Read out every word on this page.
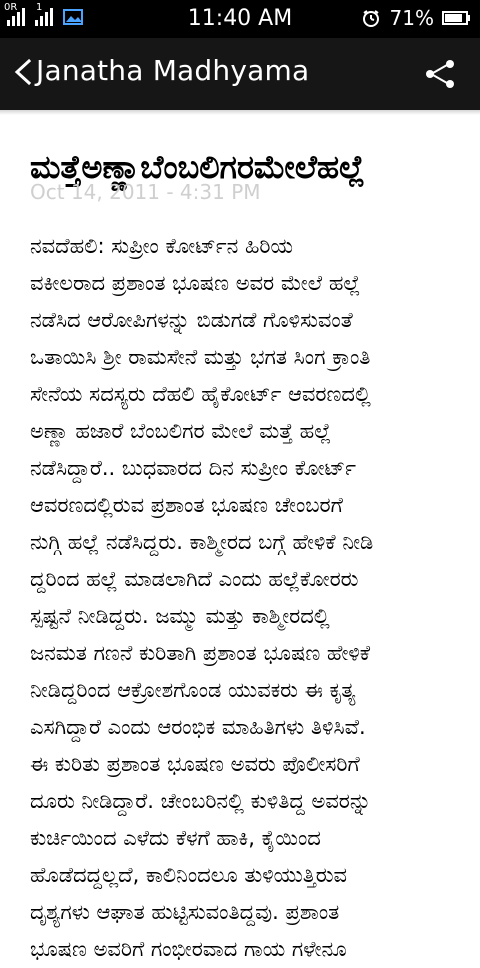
0R 1	11:40 AM	71%
Janatha Madhyama
ಮತ್ತೆಅಣ್ಣಾಬೆಂಬಲಿಗರಮೇಲೆಹಲ್ಲೆ
Oct 14, 2011 - 4:31 PM
ನವದೆಹಲಿ: ಸುಪ್ರೀಂ ಕೋರ್ಟ್‌ನ ಹಿರಿಯ
ವಕೀಲರಾದ ಪ್ರಶಾಂತ ಭೂಷಣ ಅವರ ಮೇಲೆ ಹಲ್ಲೆ
ನಡೆಸಿದ ಆರೋಪಿಗಳನ್ನು ಬಿಡುಗಡೆ ಗೊಳಿಸುವಂತೆ
ಒತಾಯಿಸಿ ಶ್ರೀ ರಾಮಸೇನೆ ಮತ್ತು ಭಗತ ಸಿಂಗ ಕ್ರಾಂತಿ
ಸೇನೆಯ ಸದಸ್ಯರು ದೆಹಲಿ ಹೈಕೋರ್ಟ್ ಆವರಣದಲ್ಲಿ
ಅಣ್ಣಾ ಹಜಾರೆ ಬೆಂಬಲಿಗರ ಮೇಲೆ ಮತ್ತೆ ಹಲ್ಲೆ
ನಡೆಸಿದ್ದಾರೆ.. ಬುಧವಾರದ ದಿನ ಸುಪ್ರೀಂ ಕೋರ್ಟ್
ಆವರಣದಲ್ಲಿರುವ ಪ್ರಶಾಂತ ಭೂಷಣ ಚೇಂಬರಗೆ
ನುಗ್ಗಿ ಹಲ್ಲೆ ನಡೆಸಿದ್ದರು. ಕಾಶ್ಮೀರದ ಬಗ್ಗೆ ಹೇಳಿಕೆ ನೀಡಿ
ದ್ದರಿಂದ ಹಲ್ಲೆ ಮಾಡಲಾಗಿದೆ ಎಂದು ಹಲ್ಲೆಕೋರರು
ಸ್ಪಷ್ಟನೆ ನೀಡಿದ್ದರು. ಜಮ್ಮು ಮತ್ತು ಕಾಶ್ಮೀರದಲ್ಲಿ
ಜನಮತ ಗಣನೆ ಕುರಿತಾಗಿ ಪ್ರಶಾಂತ ಭೂಷಣ ಹೇಳಿಕೆ
ನೀಡಿದ್ದರಿಂದ ಆಕ್ರೋಶಗೊಂಡ ಯುವಕರು ಈ ಕೃತ್ಯ
ಎಸಗಿದ್ದಾರೆ ಎಂದು ಆರಂಭಿಕ ಮಾಹಿತಿಗಳು ತಿಳಿಸಿವೆ.
ಈ ಕುರಿತು ಪ್ರಶಾಂತ ಭೂಷಣ ಅವರು ಪೊಲೀಸರಿಗೆ
ದೂರು ನೀಡಿದ್ದಾರೆ. ಚೇಂಬರಿನಲ್ಲಿ ಕುಳಿತಿದ್ದ ಅವರನ್ನು
ಕುರ್ಚಿಯಿಂದ ಎಳೆದು ಕೆಳಗೆ ಹಾಕಿ, ಕೈಯಿಂದ
ಹೊಡೆದದ್ದಲ್ಲದೆ, ಕಾಲಿನಿಂದಲೂ ತುಳಿಯುತ್ತಿರುವ
ದೃಶ್ಯಗಳು ಆಘಾತ ಹುಟ್ಟಿಸುವಂತಿದ್ದವು. ಪ್ರಶಾಂತ
ಭೂಷಣ ಅವರಿಗೆ ಗಂಭೀರವಾದ ಗಾಯ ಗಳೇನೂ
